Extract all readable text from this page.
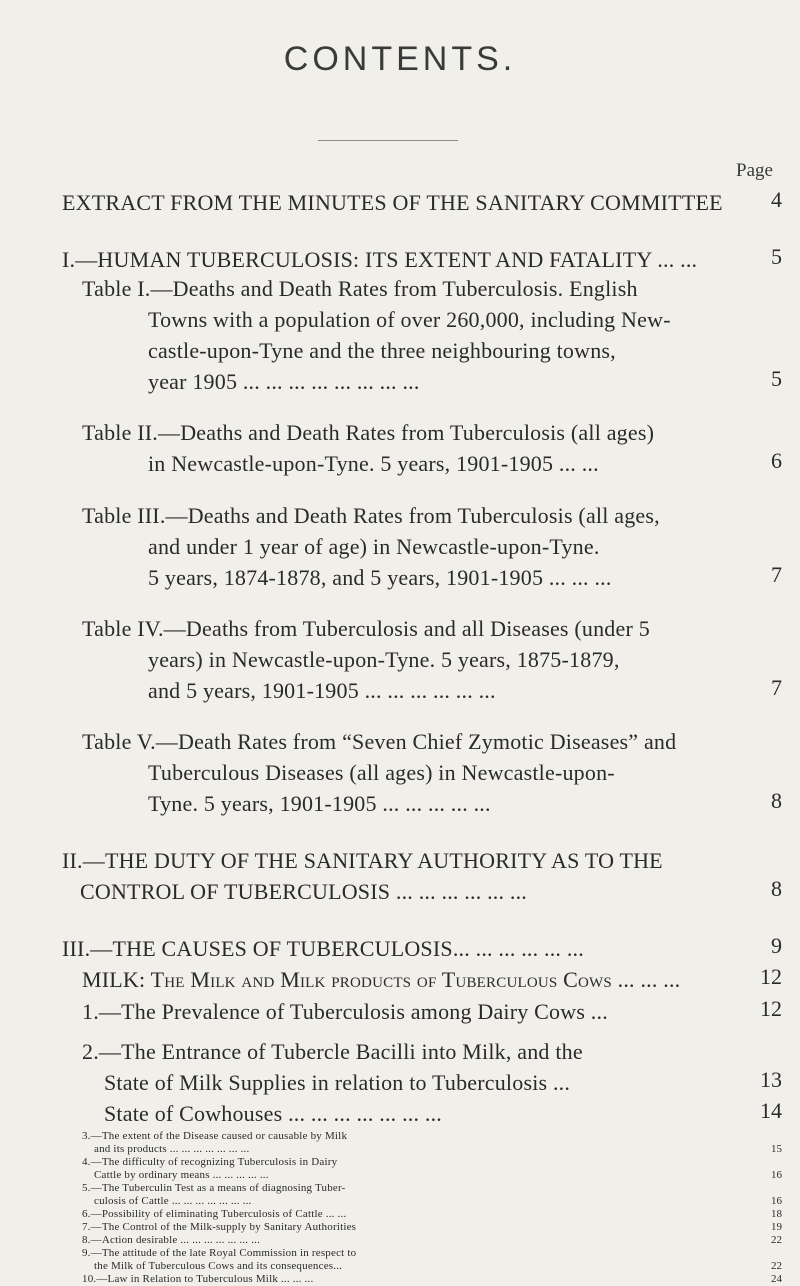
CONTENTS.
Page
EXTRACT FROM THE MINUTES OF THE SANITARY COMMITTEE	4
I.—HUMAN TUBERCULOSIS: ITS EXTENT AND FATALITY ... ...	5
Table I.—Deaths and Death Rates from Tuberculosis. English
Towns with a population of over 260,000, including New-
castle-upon-Tyne and the three neighbouring towns,
year 1905 ... ... ... ... ... ... ... ...	5
Table II.—Deaths and Death Rates from Tuberculosis (all ages)
in Newcastle-upon-Tyne. 5 years, 1901-1905 ... ...	6
Table III.—Deaths and Death Rates from Tuberculosis (all ages,
and under 1 year of age) in Newcastle-upon-Tyne.
5 years, 1874-1878, and 5 years, 1901-1905 ... ... ...	7
Table IV.—Deaths from Tuberculosis and all Diseases (under 5
years) in Newcastle-upon-Tyne. 5 years, 1875-1879,
and 5 years, 1901-1905 ... ... ... ... ... ...	7
Table V.—Death Rates from “Seven Chief Zymotic Diseases” and
Tuberculous Diseases (all ages) in Newcastle-upon-
Tyne. 5 years, 1901-1905 ... ... ... ... ...	8
II.—THE DUTY OF THE SANITARY AUTHORITY AS TO THE
CONTROL OF TUBERCULOSIS ... ... ... ... ... ...	8
III.—THE CAUSES OF TUBERCULOSIS... ... ... ... ... ...	9
MILK: The Milk and Milk products of Tuberculous Cows ... ... ...	12
1.—The Prevalence of Tuberculosis among Dairy Cows ...	12
2.—The Entrance of Tubercle Bacilli into Milk, and the
State of Milk Supplies in relation to Tuberculosis ...	13
State of Cowhouses ... ... ... ... ... ... ...	14
3.—The extent of the Disease caused or causable by Milk
and its products ... ... ... ... ... ... ...	15
4.—The difficulty of recognizing Tuberculosis in Dairy
Cattle by ordinary means ... ... ... ... ...	16
5.—The Tuberculin Test as a means of diagnosing Tuber-
culosis of Cattle ... ... ... ... ... ... ...	16
6.—Possibility of eliminating Tuberculosis of Cattle ... ...	18
7.—The Control of the Milk-supply by Sanitary Authorities	19
8.—Action desirable ... ... ... ... ... ... ...	22
9.—The attitude of the late Royal Commission in respect to
the Milk of Tuberculous Cows and its consequences...	22
10.—Law in Relation to Tuberculous Milk ... ... ...	24
